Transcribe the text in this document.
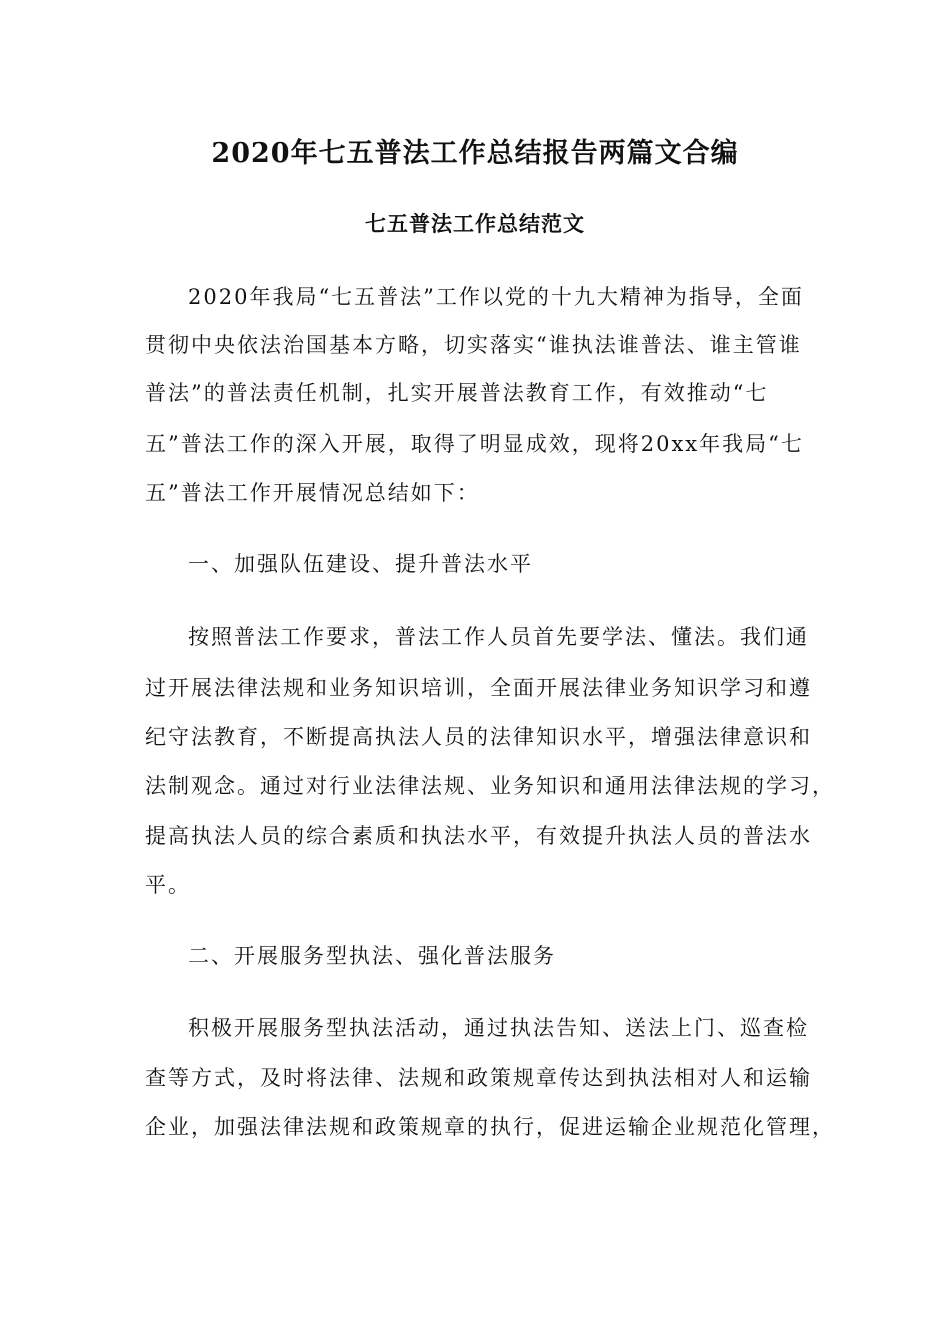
2020年七五普法工作总结报告两篇文合编
七五普法工作总结范文
2020年我局“七五普法”工作以党的十九大精神为指导，全面
贯彻中央依法治国基本方略，切实落实“谁执法谁普法、谁主管谁
普法”的普法责任机制，扎实开展普法教育工作，有效推动“七
五”普法工作的深入开展，取得了明显成效，现将20xx年我局“七
五”普法工作开展情况总结如下：
一、加强队伍建设、提升普法水平
按照普法工作要求，普法工作人员首先要学法、懂法。我们通
过开展法律法规和业务知识培训，全面开展法律业务知识学习和遵
纪守法教育，不断提高执法人员的法律知识水平，增强法律意识和
法制观念。通过对行业法律法规、业务知识和通用法律法规的学习，
提高执法人员的综合素质和执法水平，有效提升执法人员的普法水
平。
二、开展服务型执法、强化普法服务
积极开展服务型执法活动，通过执法告知、送法上门、巡查检
查等方式，及时将法律、法规和政策规章传达到执法相对人和运输
企业，加强法律法规和政策规章的执行，促进运输企业规范化管理，
